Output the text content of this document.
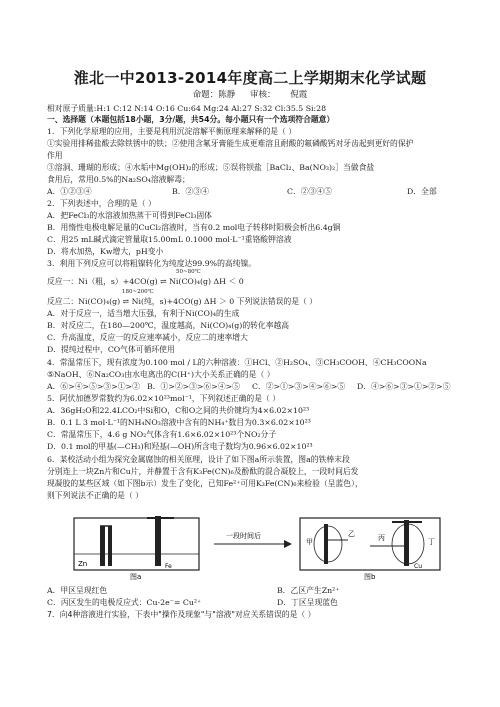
淮北一中2013-2014年度高二上学期期末化学试题
命题：陈静 审核： 倪霞
相对原子质量:H:1 C:12 N:14 O:16 Cu:64 Mg:24 Al:27 S:32 Cl:35.5 Si:28
一、选择题（本题包括18小题，3分/题，共54分。每小题只有一个选项符合题意）
1．下列化学原理的应用，主要是利用沉淀溶解平衡原理来解释的是（ ）
①实验用排稀盐酸去除铁锈中的铁；②使用含氟牙膏能生成更难溶且耐酸的氟磷酸钙对牙齿起到更好的保护
作用
③溶洞、珊瑚的形成；④水垢中Mg(OH)₂的形成；⑤误将钡盐［BaCl₂、Ba(NO₃)₂］当做食盐
食用后，常用0.5%的Na₂SO₄溶液解毒；
A．①②③④	B．②③④	C．②③④⑤	D．全部
2．下列表述中，合理的是（ ）
A．把FeCl₃的水溶液加热蒸干可得到FeCl₃固体
B．用惰性电极电解足量的CuCl₂溶液时，当有0.2 mol电子转移时阳极会析出6.4g铜
C．用25 mL碱式滴定管量取15.00mL 0.1000 mol·L⁻¹重铬酸钾溶液
D．将水加热，Kw增大，pH变小
3．利用下列反应可以将粗镍转化为纯度达99.9%的高纯镍。
反应一：Ni（粗，s）+4CO(g) ⇌ Ni(CO)₄(g) ΔH ＜ 0
50~80℃
反应二：Ni(CO)₄(g) ⇌ Ni(纯，s)+4CO(g) ΔH ＞ 0 下列说法错误的是（ ）
180~200℃
A．对于反应一，适当增大压强，有利于Ni(CO)₄的生成
B．对反应二，在180—200℃，温度越高，Ni(CO)₄(g)的转化率越高
C．升高温度，反应一的反应速率减小，反应二的速率增大
D．提纯过程中，CO气体可循环使用
4．常温常压下，现有浓度为0.100 mol / L的六种溶液：①HCl、②H₂SO₄、③CH₃COOH、④CH₃COONa
⑤NaOH、⑥Na₂CO₃由水电离出的C(H⁺)大小关系正确的是（ ）
A．⑥>④>⑤>③>①>② B．①>②>③>⑥>④>⑤ C．②>①>③>④>⑥>⑤ D．④>⑥>③>①>②>⑤
5．阿伏加德罗常数约为6.02×10²³mol⁻¹，下列叙述正确的是（ ）
A．36gH₂O和22.4LCO₂中Si和O，C和O之间的共价键均为4×6.02×10²³
B．0.1 L 3 mol·L⁻¹的NH₄NO₃溶液中含有的NH₄⁺数目为0.3×6.02×10²³
C．常温常压下，4.6 g NO₂气体含有1.6×6.02×10²³个NO₂分子
D．0.1 mol的甲基(—CH₃)和羟基(—OH)所含电子数均为0.96×6.02×10²³
6．某校活动小组为探究金属腐蚀的相关原理，设计了如下图a所示装置，图a的铁棒末段
分别连上一块Zn片和Cu片，并静置于含有K₃Fe(CN)₆及酚酞的混合凝胶上，一段时间后发
现凝胶的某些区域（如下图b示）发生了变化，已知Fe²⁺可用K₃Fe(CN)₆来检验（呈蓝色），
则下列说法不正确的是（ ）
Zn	Fe
图a
一段时间后
甲
乙	丙	丁
Cu
图b
A．甲区呈现红色	B．乙区产生Zn²⁺
C．丙区发生的电极反应式：Cu-2e⁻= Cu²⁺	D．丁区呈现蓝色
7．向4种溶液进行实验，下表中"操作及现象"与"溶液"对应关系错误的是（ ）
